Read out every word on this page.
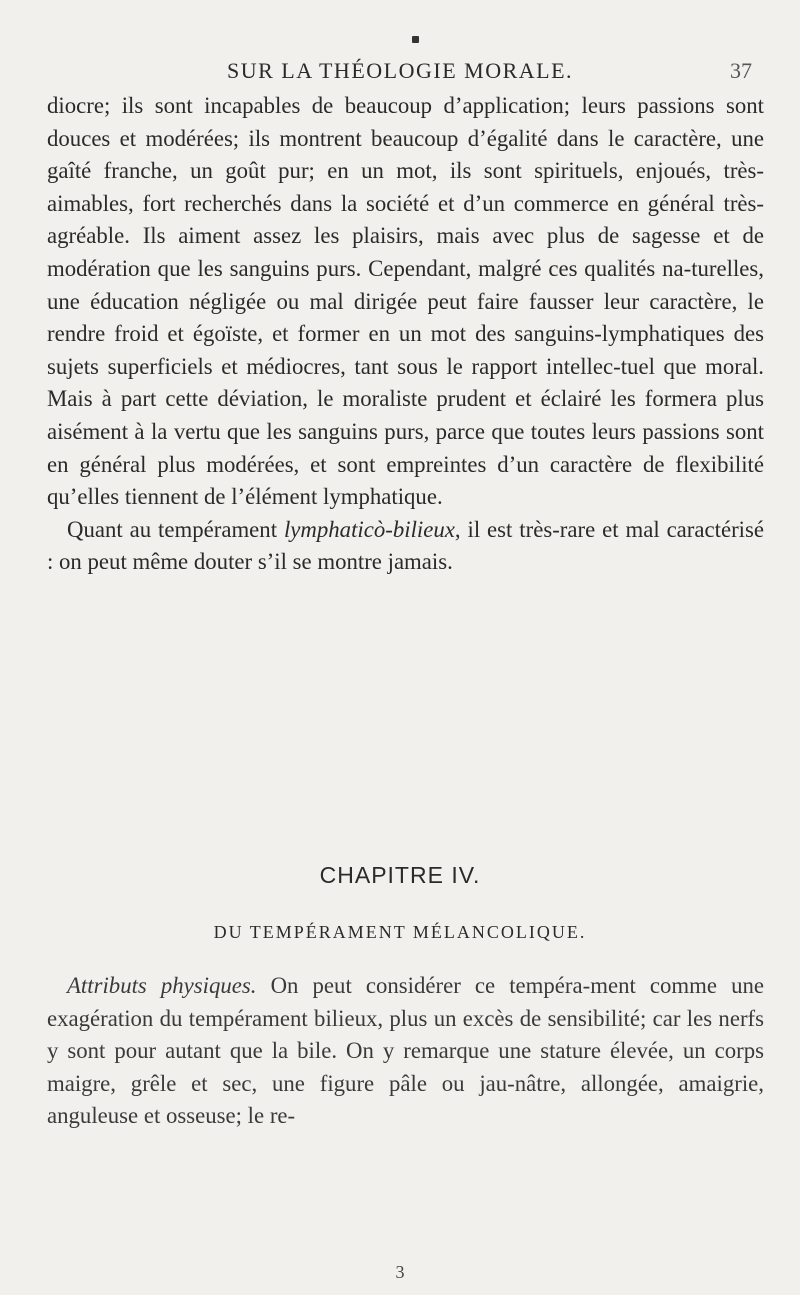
SUR LA THÉOLOGIE MORALE.	37

diocre; ils sont incapables de beaucoup d’application; leurs passions sont douces et modérées; ils montrent beaucoup d’égalité dans le caractère, une gaîté franche, un goût pur; en un mot, ils sont spirituels, enjoués, très-aimables, fort recherchés dans la société et d’un commerce en général très-agréable. Ils aiment assez les plaisirs, mais avec plus de sagesse et de modération que les sanguins purs. Cependant, malgré ces qualités na-turelles, une éducation négligée ou mal dirigée peut faire fausser leur caractère, le rendre froid et égoïste, et former en un mot des sanguins-lymphatiques des sujets superficiels et médiocres, tant sous le rapport intellec-tuel que moral. Mais à part cette déviation, le moraliste prudent et éclairé les formera plus aisément à la vertu que les sanguins purs, parce que toutes leurs passions sont en général plus modérées, et sont empreintes d’un caractère de flexibilité qu’elles tiennent de l’élément lymphatique.

Quant au tempérament lymphaticò-bilieux, il est très-rare et mal caractérisé : on peut même douter s’il se montre jamais.

CHAPITRE IV.
DU TEMPÉRAMENT MÉLANCOLIQUE.

Attributs physiques. On peut considérer ce tempéra-ment comme une exagération du tempérament bilieux, plus un excès de sensibilité; car les nerfs y sont pour autant que la bile. On y remarque une stature élevée, un corps maigre, grêle et sec, une figure pâle ou jau-nâtre, allongée, amaigrie, anguleuse et osseuse; le re-

3
